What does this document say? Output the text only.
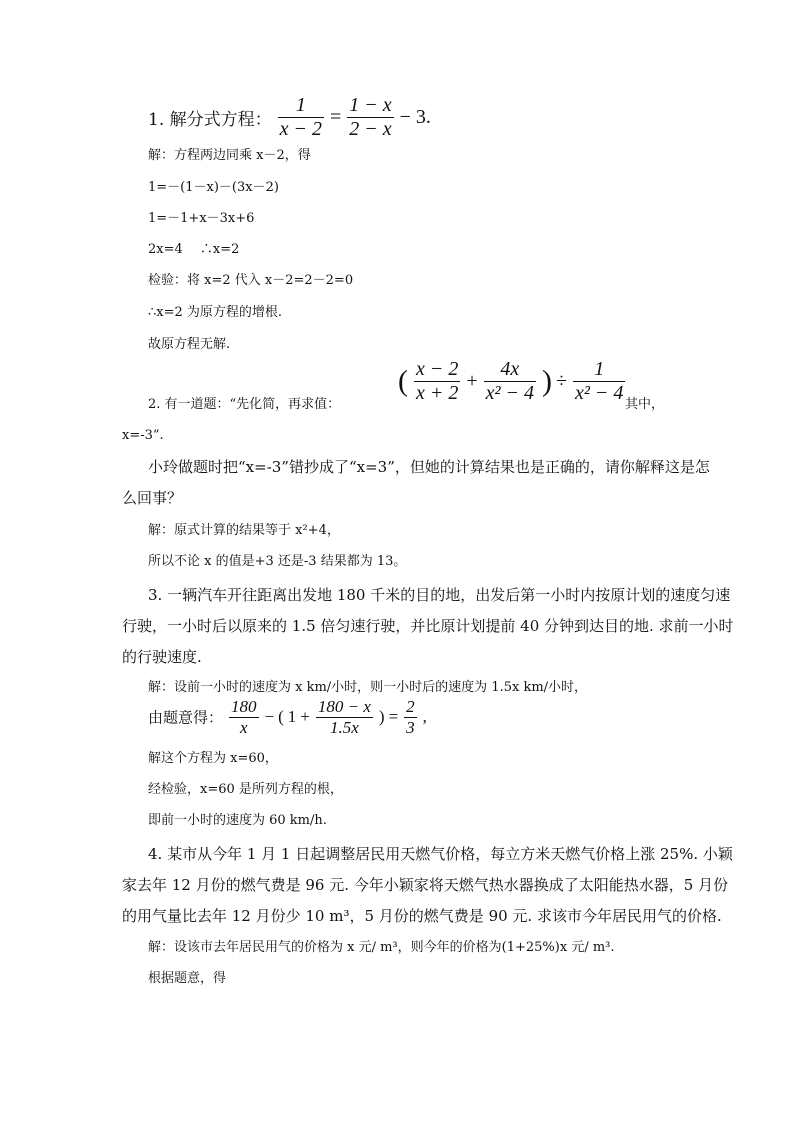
1. 解分式方程： $\frac{1}{x - 2} = \frac{1 - x}{2 - x} - 3$.
解：方程两边同乘 x－2，得
1=－(1－x)－(3x－2)
1=－1+x－3x+6
2x=4　 ∴x=2
检验：将 x=2 代入 x－2=2－2=0
∴x=2 为原方程的增根.
故原方程无解.
2. 有一道题：“先化简，再求值：
( $\frac{x - 2}{x + 2} + \frac{4x}{\text{x² − 4}}$ ) ÷ $\frac{1}{\text{x² − 4}}$ 其中，
x=-3”.
小玲做题时把“x=-3”错抄成了“x=3”，但她的计算结果也是正确的，请你解释这是怎
么回事？
解：原式计算的结果等于 x²+4，
所以不论 x 的值是+3 还是-3 结果都为 13。
3. 一辆汽车开往距离出发地 180 千米的目的地，出发后第一小时内按原计划的速度匀速
行驶，一小时后以原来的 1.5 倍匀速行驶，并比原计划提前 40 分钟到达目的地. 求前一小时
的行驶速度.
解：设前一小时的速度为 x km/小时，则一小时后的速度为 1.5x km/小时，
由题意得： $\frac{180}{x}$ − ( $1 + \frac{180 - x}{1.5x}$ ) = $\frac{2}{3}$ ,
解这个方程为 x=60，
经检验，x=60 是所列方程的根，
即前一小时的速度为 60 km/h.
4. 某市从今年 1 月 1 日起调整居民用天燃气价格，每立方米天燃气价格上涨 25%. 小颖
家去年 12 月份的燃气费是 96 元. 今年小颖家将天燃气热水器换成了太阳能热水器，5 月份
的用气量比去年 12 月份少 10 m³，5 月份的燃气费是 90 元. 求该市今年居民用气的价格.
解：设该市去年居民用气的价格为 x 元/ m³，则今年的价格为(1+25%)x 元/ m³.
根据题意，得
